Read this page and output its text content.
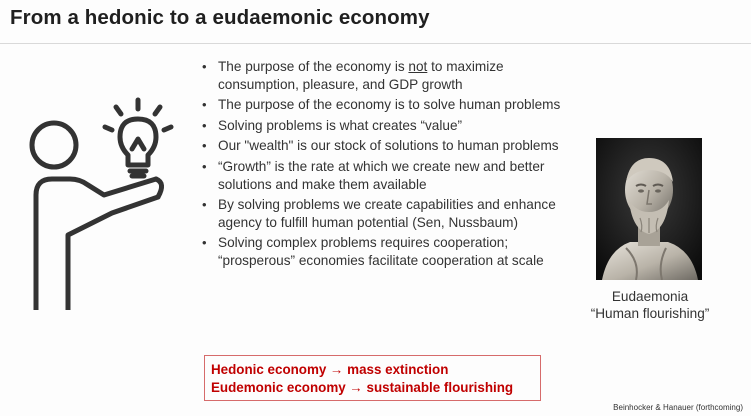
From a hedonic to a eudaemonic economy
• The purpose of the economy is not to maximize consumption, pleasure, and GDP growth
• The purpose of the economy is to solve human problems
• Solving problems is what creates “value”
• Our "wealth" is our stock of solutions to human problems
• “Growth” is the rate at which we create new and better solutions and make them available
• By solving problems we create capabilities and enhance agency to fulfill human potential (Sen, Nussbaum)
• Solving complex problems requires cooperation; “prosperous” economies facilitate cooperation at scale
Hedonic economy → mass extinction
Eudemonic economy → sustainable flourishing
Eudaemonia
“Human flourishing”
Beinhocker & Hanauer (forthcoming)
